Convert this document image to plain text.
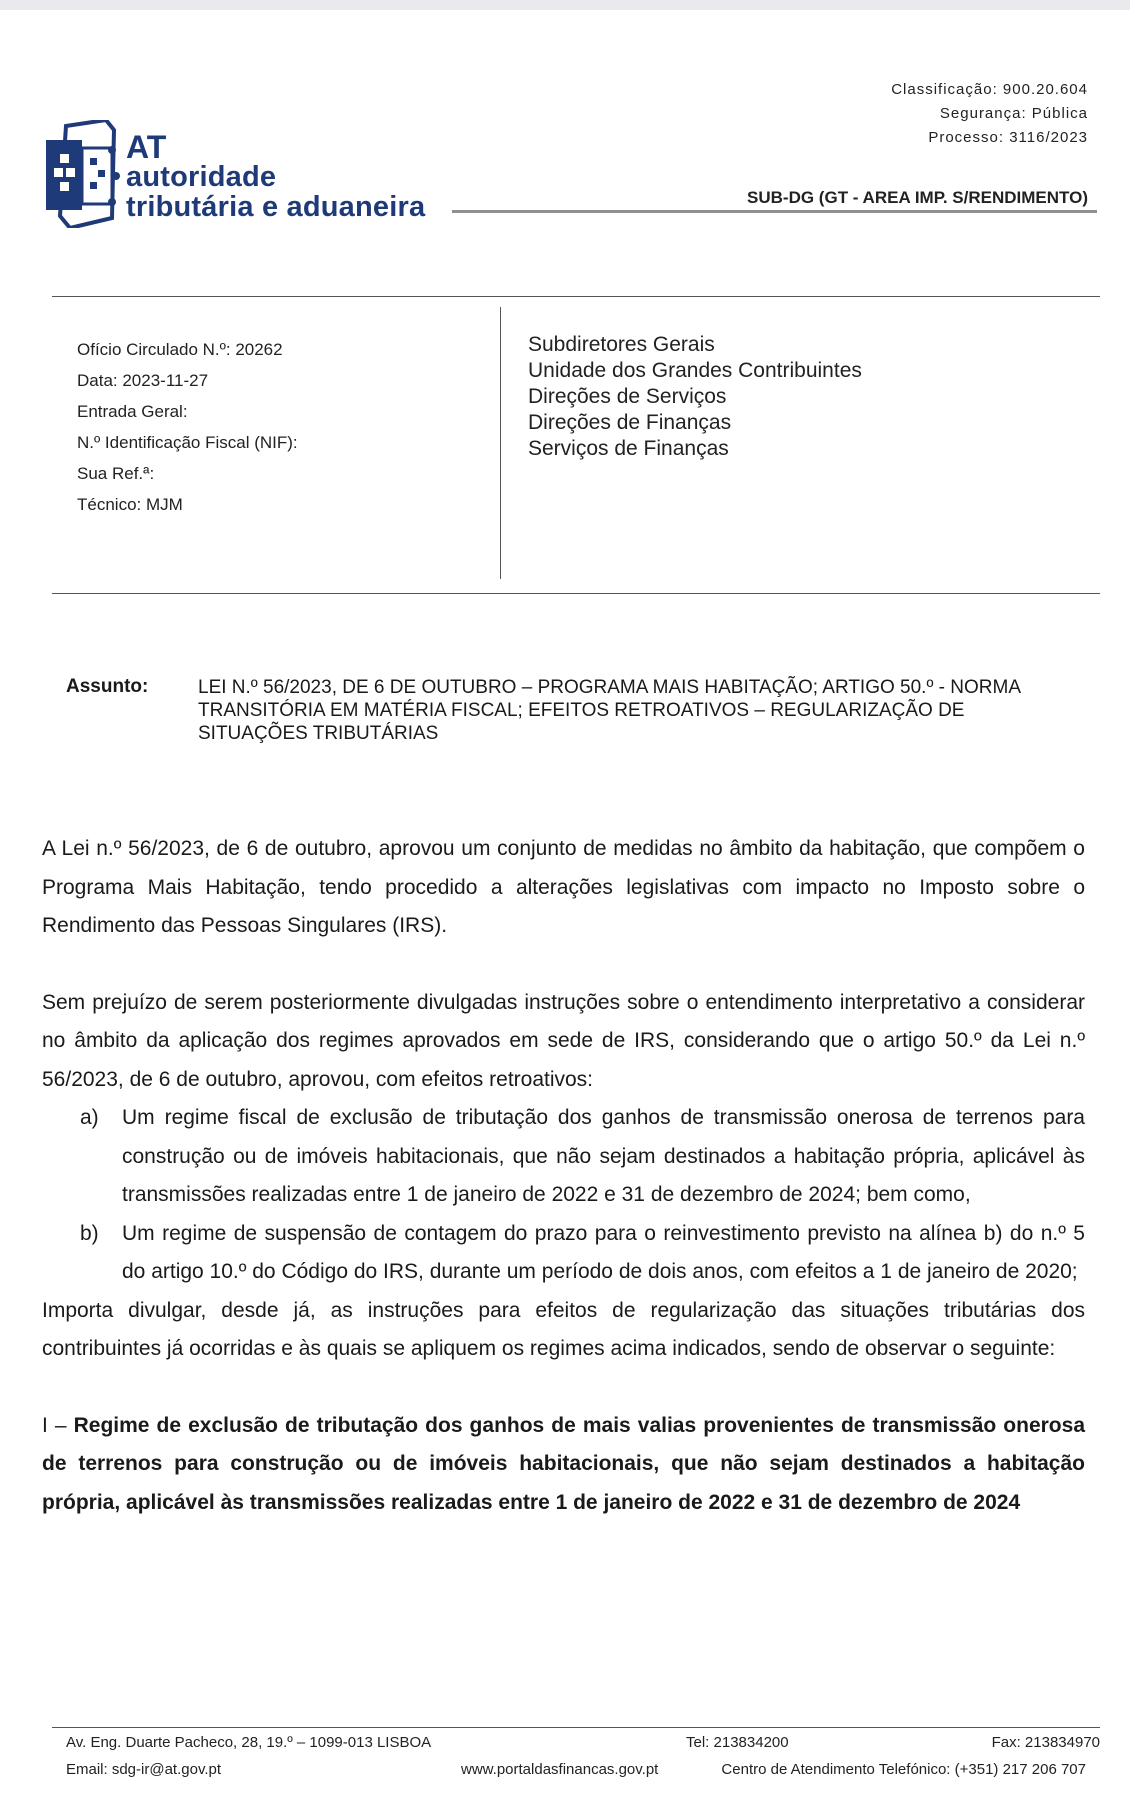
AT
autoridade
tributária e aduaneira
Classificação: 900.20.604
Segurança: Pública
Processo: 3116/2023
SUB-DG (GT - AREA IMP. S/RENDIMENTO)
Ofício Circulado N.º: 20262
Data: 2023-11-27
Entrada Geral:
N.º Identificação Fiscal (NIF):
Sua Ref.ª:
Técnico: MJM
Subdiretores Gerais
Unidade dos Grandes Contribuintes
Direções de Serviços
Direções de Finanças
Serviços de Finanças
Assunto:	LEI N.º 56/2023, DE 6 DE OUTUBRO – PROGRAMA MAIS HABITAÇÃO; ARTIGO 50.º - NORMA TRANSITÓRIA EM MATÉRIA FISCAL; EFEITOS RETROATIVOS – REGULARIZAÇÃO DE SITUAÇÕES TRIBUTÁRIAS

A Lei n.º 56/2023, de 6 de outubro, aprovou um conjunto de medidas no âmbito da habitação, que compõem o Programa Mais Habitação, tendo procedido a alterações legislativas com impacto no Imposto sobre o Rendimento das Pessoas Singulares (IRS).

Sem prejuízo de serem posteriormente divulgadas instruções sobre o entendimento interpretativo a considerar no âmbito da aplicação dos regimes aprovados em sede de IRS, considerando que o artigo 50.º da Lei n.º 56/2023, de 6 de outubro, aprovou, com efeitos retroativos:

a) Um regime fiscal de exclusão de tributação dos ganhos de transmissão onerosa de terrenos para construção ou de imóveis habitacionais, que não sejam destinados a habitação própria, aplicável às transmissões realizadas entre 1 de janeiro de 2022 e 31 de dezembro de 2024; bem como,
b) Um regime de suspensão de contagem do prazo para o reinvestimento previsto na alínea b) do n.º 5 do artigo 10.º do Código do IRS, durante um período de dois anos, com efeitos a 1 de janeiro de 2020;

Importa divulgar, desde já, as instruções para efeitos de regularização das situações tributárias dos contribuintes já ocorridas e às quais se apliquem os regimes acima indicados, sendo de observar o seguinte:

I – Regime de exclusão de tributação dos ganhos de mais valias provenientes de transmissão onerosa de terrenos para construção ou de imóveis habitacionais, que não sejam destinados a habitação própria, aplicável às transmissões realizadas entre 1 de janeiro de 2022 e 31 de dezembro de 2024

Av. Eng. Duarte Pacheco, 28, 19.º – 1099-013 LISBOA	Tel: 213834200	Fax: 213834970
Email: sdg-ir@at.gov.pt	www.portaldasfinancas.gov.pt	Centro de Atendimento Telefónico: (+351) 217 206 707
